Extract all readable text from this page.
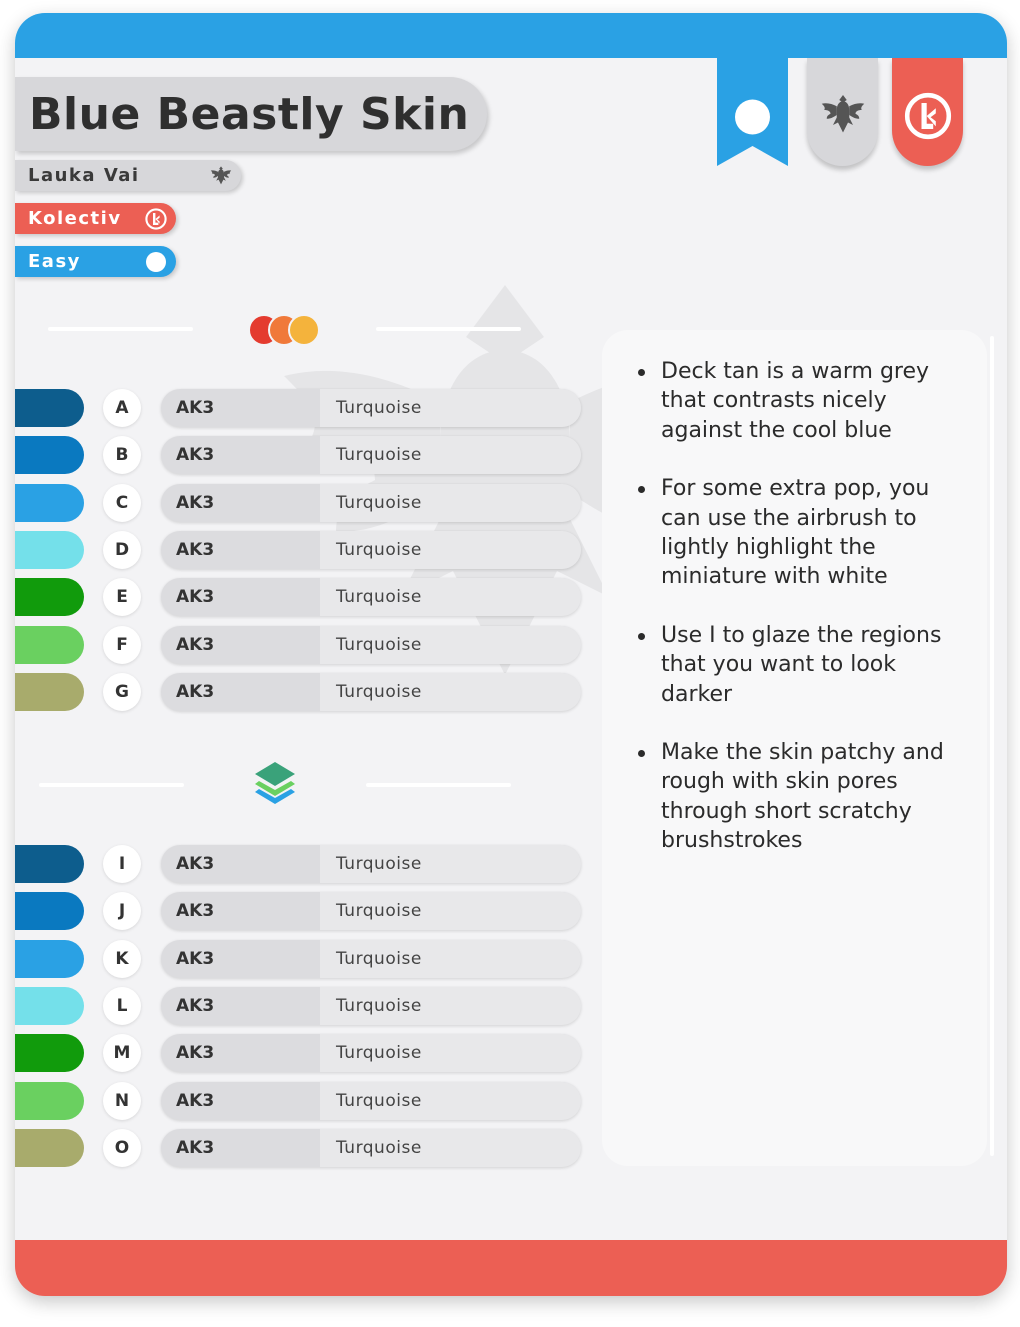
Blue Beastly Skin
Lauka Vai
Kolectiv
Easy
A	AK3	Turquoise
B	AK3	Turquoise
C	AK3	Turquoise
D	AK3	Turquoise
E	AK3	Turquoise
F	AK3	Turquoise
G	AK3	Turquoise
I	AK3	Turquoise
J	AK3	Turquoise
K	AK3	Turquoise
L	AK3	Turquoise
M	AK3	Turquoise
N	AK3	Turquoise
O	AK3	Turquoise
Deck tan is a warm grey that contrasts nicely against the cool blue
For some extra pop, you can use the airbrush to lightly highlight the miniature with white
Use I to glaze the regions that you want to look darker
Make the skin patchy and rough with skin pores through short scratchy brushstrokes
